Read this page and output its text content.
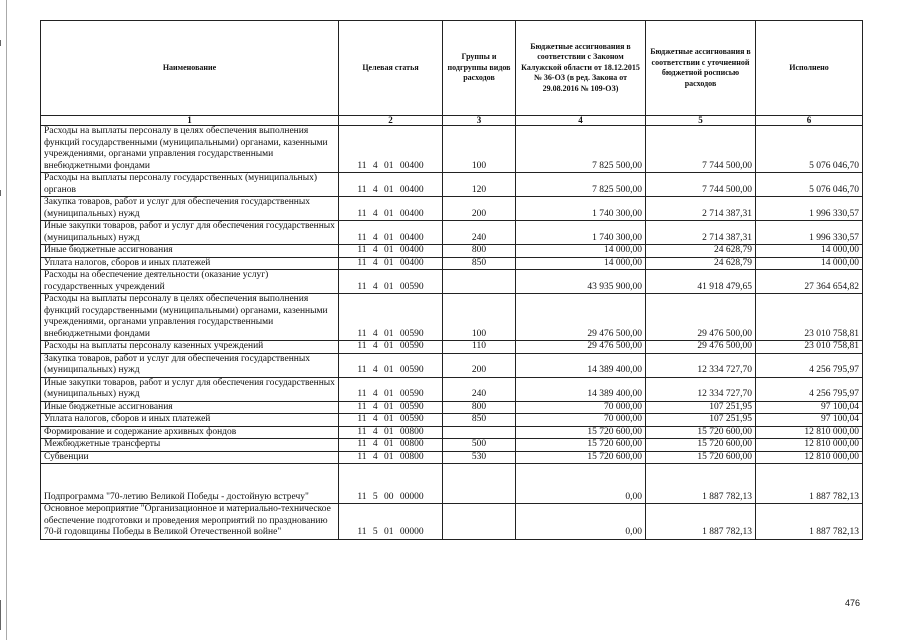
Наименование	Целевая статья	Группы и подгруппы видов расходов	Бюджетные ассигнования в соответствии с Законом Калужской области от 18.12.2015 № 36-ОЗ (в ред. Закона от 29.08.2016 № 109-ОЗ)	Бюджетные ассигнования в соответствии с уточненной бюджетной росписью расходов	Исполнено
1	2	3	4	5	6
Расходы на выплаты персоналу в целях обеспечения выполнения функций государственными (муниципальными) органами, казенными учреждениями, органами управления государственными внебюджетными фондами	11 4 01 00400	100	7 825 500,00	7 744 500,00	5 076 046,70
Расходы на выплаты персоналу государственных (муниципальных) органов	11 4 01 00400	120	7 825 500,00	7 744 500,00	5 076 046,70
Закупка товаров, работ и услуг для обеспечения государственных (муниципальных) нужд	11 4 01 00400	200	1 740 300,00	2 714 387,31	1 996 330,57
Иные закупки товаров, работ и услуг для обеспечения государственных (муниципальных) нужд	11 4 01 00400	240	1 740 300,00	2 714 387,31	1 996 330,57
Иные бюджетные ассигнования	11 4 01 00400	800	14 000,00	24 628,79	14 000,00
Уплата налогов, сборов и иных платежей	11 4 01 00400	850	14 000,00	24 628,79	14 000,00
Расходы на обеспечение деятельности (оказание услуг) государственных учреждений	11 4 01 00590		43 935 900,00	41 918 479,65	27 364 654,82
Расходы на выплаты персоналу в целях обеспечения выполнения функций государственными (муниципальными) органами, казенными учреждениями, органами управления государственными внебюджетными фондами	11 4 01 00590	100	29 476 500,00	29 476 500,00	23 010 758,81
Расходы на выплаты персоналу казенных учреждений	11 4 01 00590	110	29 476 500,00	29 476 500,00	23 010 758,81
Закупка товаров, работ и услуг для обеспечения государственных (муниципальных) нужд	11 4 01 00590	200	14 389 400,00	12 334 727,70	4 256 795,97
Иные закупки товаров, работ и услуг для обеспечения государственных (муниципальных) нужд	11 4 01 00590	240	14 389 400,00	12 334 727,70	4 256 795,97
Иные бюджетные ассигнования	11 4 01 00590	800	70 000,00	107 251,95	97 100,04
Уплата налогов, сборов и иных платежей	11 4 01 00590	850	70 000,00	107 251,95	97 100,04
Формирование и содержание архивных фондов	11 4 01 00800		15 720 600,00	15 720 600,00	12 810 000,00
Межбюджетные трансферты	11 4 01 00800	500	15 720 600,00	15 720 600,00	12 810 000,00
Субвенции	11 4 01 00800	530	15 720 600,00	15 720 600,00	12 810 000,00
Подпрограмма "70-летию Великой Победы - достойную встречу"	11 5 00 00000		0,00	1 887 782,13	1 887 782,13
Основное мероприятие "Организационное и материально-техническое обеспечение подготовки и проведения мероприятий по празднованию 70-й годовщины Победы в Великой Отечественной войне"	11 5 01 00000		0,00	1 887 782,13	1 887 782,13
476
